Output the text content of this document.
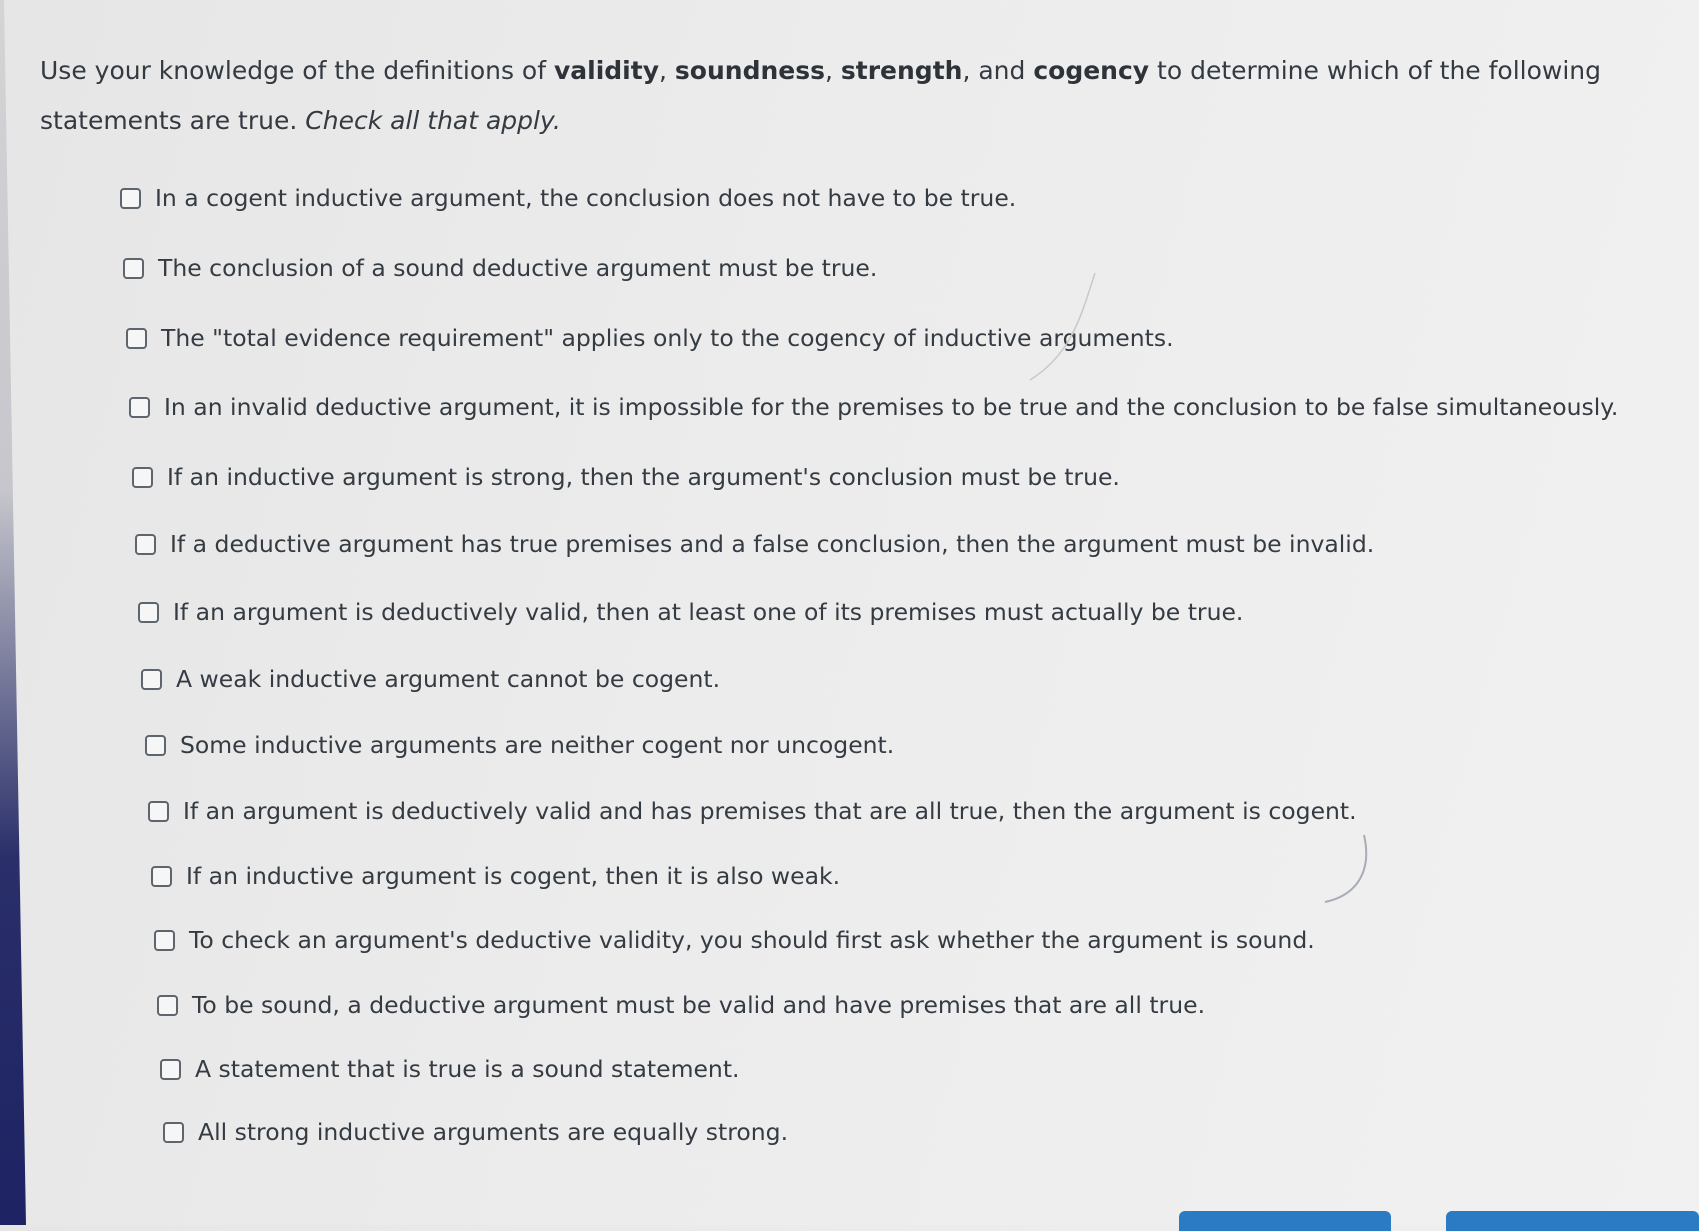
Use your knowledge of the definitions of validity, soundness, strength, and cogency to determine which of the following statements are true. Check all that apply.
In a cogent inductive argument, the conclusion does not have to be true.
The conclusion of a sound deductive argument must be true.
The "total evidence requirement" applies only to the cogency of inductive arguments.
In an invalid deductive argument, it is impossible for the premises to be true and the conclusion to be false simultaneously.
If an inductive argument is strong, then the argument's conclusion must be true.
If a deductive argument has true premises and a false conclusion, then the argument must be invalid.
If an argument is deductively valid, then at least one of its premises must actually be true.
A weak inductive argument cannot be cogent.
Some inductive arguments are neither cogent nor uncogent.
If an argument is deductively valid and has premises that are all true, then the argument is cogent.
If an inductive argument is cogent, then it is also weak.
To check an argument's deductive validity, you should first ask whether the argument is sound.
To be sound, a deductive argument must be valid and have premises that are all true.
A statement that is true is a sound statement.
All strong inductive arguments are equally strong.
